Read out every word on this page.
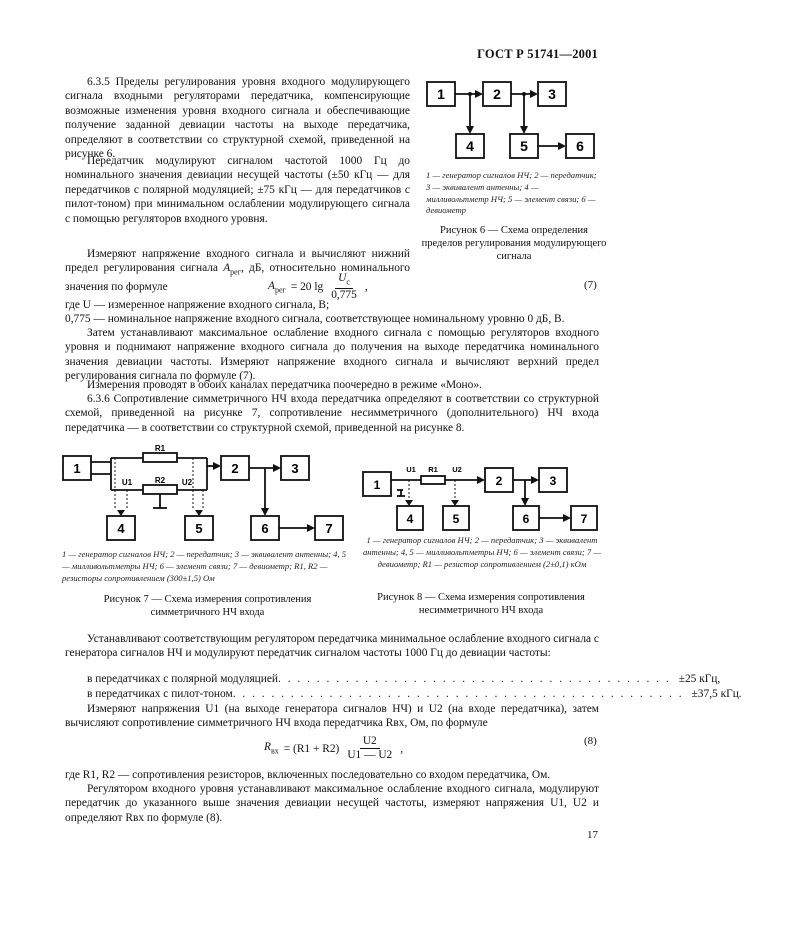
ГОСТ Р 51741—2001
6.3.5 Пределы регулирования уровня входного модулирующего сигнала входными регуляторами передатчика, компенсирующие возможные изменения уровня входного сигнала и обеспечивающие получение заданной девиации частоты на выходе передатчика, определяют в соответствии со структурной схемой, приведенной на рисунке 6.
Передатчик модулируют сигналом частотой 1000 Гц до номинального значения девиации несущей частоты (±50 кГц — для передатчиков с полярной модуляцией; ±75 кГц — для передатчиков с пилот-тоном) при минимальном ослаблении модулирующего сигнала с помощью регуляторов входного уровня.
Измеряют напряжение входного сигнала и вычисляют нижний предел регулирования сигнала $A_{рег}$, дБ, относительно номинального значения по формуле
1	2	3
4	5	6
1 — генератор сигналов НЧ; 2 — передатчик; 3 — эквивалент антенны; 4 — милливольтметр НЧ; 5 — элемент связи; 6 — девиометр
Рисунок 6 — Схема определения пределов регулирования модулирующего сигнала
$A_{рег} = 20$ $\lg \frac{U_c}{0,775}$ ,	(7)
где U — измеренное напряжение входного сигнала, В;
0,775 — номинальное напряжение входного сигнала, соответствующее номинальному уровню 0 дБ, В.
Затем устанавливают максимальное ослабление входного сигнала с помощью регуляторов входного уровня и поднимают напряжение входного сигнала до получения на выходе передатчика номинального значения девиации частоты. Измеряют напряжение входного сигнала и вычисляют верхний предел регулирования сигнала по формуле (7).
Измерения проводят в обоих каналах передатчика поочередно в режиме «Моно».
6.3.6 Сопротивление симметричного НЧ входа передатчика определяют в соответствии со структурной схемой, приведенной на рисунке 7, сопротивление несимметричного (дополнительного) НЧ входа передатчика — в соответствии со структурной схемой, приведенной на рисунке 8.
1	2	3
4	5	6	7
R1
R2
U1	U2
1 — генератор сигналов НЧ; 2 — передатчик; 3 — эквивалент антенны; 4, 5 — милливольтметры НЧ; 6 — элемент связи; 7 — девиометр; R1, R2 — резисторы сопротивлением (300±1,5) Ом
Рисунок 7 — Схема измерения сопротивления симметричного НЧ входа
1	2	3
4	5	6	7
R1
U1	U2
1 — генератор сигналов НЧ; 2 — передатчик; 3 — эквивалент антенны; 4, 5 — милливольтметры НЧ; 6 — элемент связи; 7 — девиометр; R1 — резистор сопротивлением (2±0,1) кОм
Рисунок 8 — Схема измерения сопротивления несимметричного НЧ входа
Устанавливают соответствующим регулятором передатчика минимальное ослабление входного сигнала с генератора сигналов НЧ и модулируют передатчик сигналом частоты 1000 Гц до девиации частоты:
в передатчиках с полярной модуляцией . . . . . . . . . . . . . . . . . . . . . . . . . . . . . . . . . . . . . . . . . ±25 кГц,
в передатчиках с пилот-тоном . . . . . . . . . . . . . . . . . . . . . . . . . . . . . . . . . . . . . . . . . . . . . . . ±37,5 кГц.
Измеряют напряжения U1 (на выходе генератора сигналов НЧ) и U2 (на входе передатчика), затем вычисляют сопротивление симметричного НЧ входа передатчика Rвх, Ом, по формуле
$R_{вх} = (R1 + R2) \frac{U2}{U1 — U2}$ ,
(8)
где R1, R2 — сопротивления резисторов, включенных последовательно со входом передатчика, Ом.
Регулятором входного уровня устанавливают максимальное ослабление входного сигнала, модулируют передатчик до указанного выше значения девиации несущей частоты, измеряют напряжения U1, U2 и определяют Rвх по формуле (8).
17
